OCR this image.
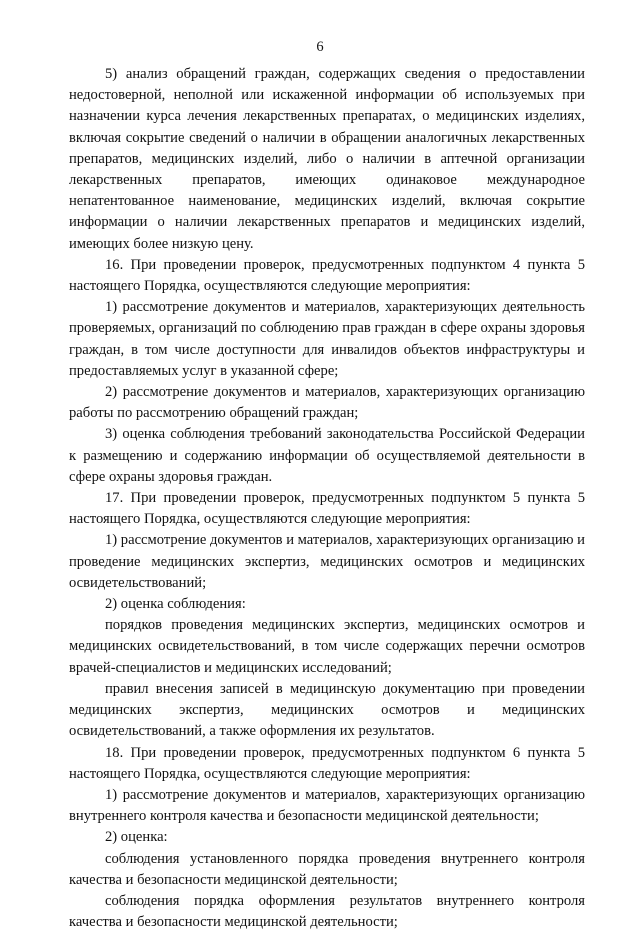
6

5) анализ обращений граждан, содержащих сведения о предоставлении недостоверной, неполной или искаженной информации об используемых при назначении курса лечения лекарственных препаратах, о медицинских изделиях, включая сокрытие сведений о наличии в обращении аналогичных лекарственных препаратов, медицинских изделий, либо о наличии в аптечной организации лекарственных препаратов, имеющих одинаковое международное непатентованное наименование, медицинских изделий, включая сокрытие информации о наличии лекарственных препаратов и медицинских изделий, имеющих более низкую цену.

16. При проведении проверок, предусмотренных подпунктом 4 пункта 5 настоящего Порядка, осуществляются следующие мероприятия:

1) рассмотрение документов и материалов, характеризующих деятельность проверяемых, организаций по соблюдению прав граждан в сфере охраны здоровья граждан, в том числе доступности для инвалидов объектов инфраструктуры и предоставляемых услуг в указанной сфере;

2) рассмотрение документов и материалов, характеризующих организацию работы по рассмотрению обращений граждан;

3) оценка соблюдения требований законодательства Российской Федерации к размещению и содержанию информации об осуществляемой деятельности в сфере охраны здоровья граждан.

17. При проведении проверок, предусмотренных подпунктом 5 пункта 5 настоящего Порядка, осуществляются следующие мероприятия:

1) рассмотрение документов и материалов, характеризующих организацию и проведение медицинских экспертиз, медицинских осмотров и медицинских освидетельствований;

2) оценка соблюдения:

порядков проведения медицинских экспертиз, медицинских осмотров и медицинских освидетельствований, в том числе содержащих перечни осмотров врачей-специалистов и медицинских исследований;

правил внесения записей в медицинскую документацию при проведении медицинских экспертиз, медицинских осмотров и медицинских освидетельствований, а также оформления их результатов.

18. При проведении проверок, предусмотренных подпунктом 6 пункта 5 настоящего Порядка, осуществляются следующие мероприятия:

1) рассмотрение документов и материалов, характеризующих организацию внутреннего контроля качества и безопасности медицинской деятельности;

2) оценка:

соблюдения установленного порядка проведения внутреннего контроля качества и безопасности медицинской деятельности;

соблюдения порядка оформления результатов внутреннего контроля качества и безопасности медицинской деятельности;
